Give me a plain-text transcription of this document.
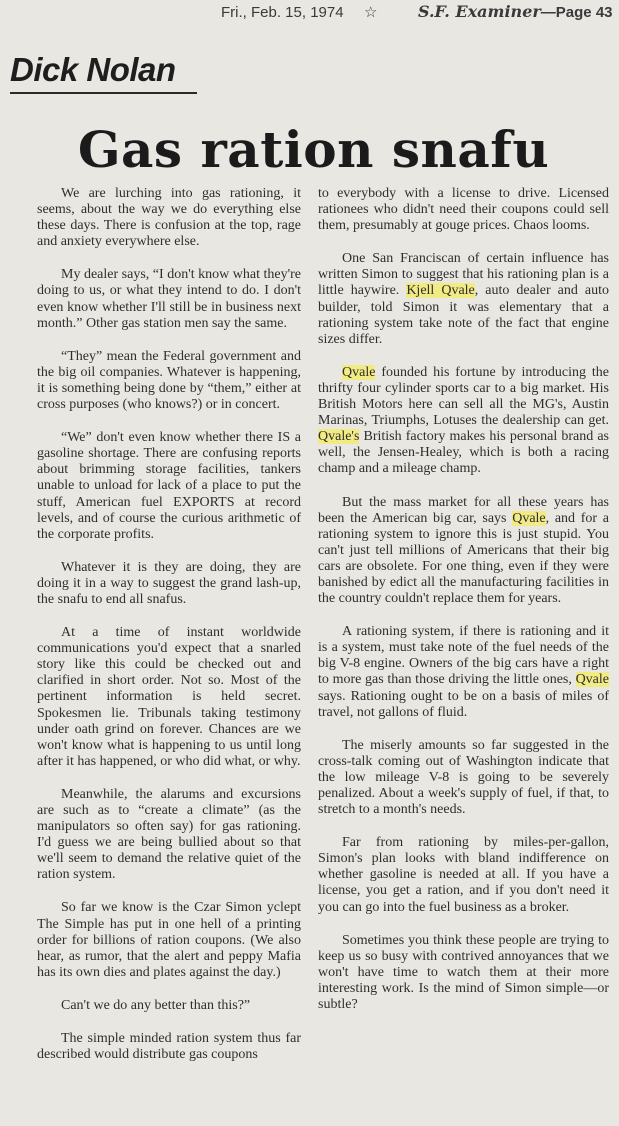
Fri., Feb. 15, 1974 ☆	S.F. Examiner—Page 43
Dick Nolan
Gas ration snafu

We are lurching into gas rationing, it seems, about the way we do everything else these days. There is confusion at the top, rage and anxiety everywhere else.

My dealer says, “I don't know what they're doing to us, or what they intend to do. I don't even know whether I'll still be in business next month.” Other gas station men say the same.

“They” mean the Federal government and the big oil companies. Whatever is happening, it is something being done by “them,” either at cross purposes (who knows?) or in concert.

“We” don't even know whether there IS a gasoline shortage. There are confusing reports about brimming storage facilities, tankers unable to unload for lack of a place to put the stuff, American fuel EXPORTS at record levels, and of course the curious arithmetic of the corporate profits.

Whatever it is they are doing, they are doing it in a way to suggest the grand lash-up, the snafu to end all snafus.

At a time of instant worldwide communications you'd expect that a snarled story like this could be checked out and clarified in short order. Not so. Most of the pertinent information is held secret. Spokesmen lie. Tribunals taking testimony under oath grind on forever. Chances are we won't know what is happening to us until long after it has happened, or who did what, or why.

Meanwhile, the alarums and excursions are such as to “create a climate” (as the manipulators so often say) for gas rationing. I'd guess we are being bullied about so that we'll seem to demand the relative quiet of the ration system.

So far we know is the Czar Simon yclept The Simple has put in one hell of a printing order for billions of ration coupons. (We also hear, as rumor, that the alert and peppy Mafia has its own dies and plates against the day.)

Can't we do any better than this?”

The simple minded ration system thus far described would distribute gas coupons

to everybody with a license to drive. Licensed rationees who didn't need their coupons could sell them, presumably at gouge prices. Chaos looms.

One San Franciscan of certain influence has written Simon to suggest that his rationing plan is a little haywire. Kjell Qvale, auto dealer and auto builder, told Simon it was elementary that a rationing system take note of the fact that engine sizes differ.

Qvale founded his fortune by introducing the thrifty four cylinder sports car to a big market. His British Motors here can sell all the MG's, Austin Marinas, Triumphs, Lotuses the dealership can get. Qvale's British factory makes his personal brand as well, the Jensen-Healey, which is both a racing champ and a mileage champ.

But the mass market for all these years has been the American big car, says Qvale, and for a rationing system to ignore this is just stupid. You can't just tell millions of Americans that their big cars are obsolete. For one thing, even if they were banished by edict all the manufacturing facilities in the country couldn't replace them for years.

A rationing system, if there is rationing and it is a system, must take note of the fuel needs of the big V-8 engine. Owners of the big cars have a right to more gas than those driving the little ones, Qvale says. Rationing ought to be on a basis of miles of travel, not gallons of fluid.

The miserly amounts so far suggested in the cross-talk coming out of Washington indicate that the low mileage V-8 is going to be severely penalized. About a week's supply of fuel, if that, to stretch to a month's needs.

Far from rationing by miles-per-gallon, Simon's plan looks with bland indifference on whether gasoline is needed at all. If you have a license, you get a ration, and if you don't need it you can go into the fuel business as a broker.

Sometimes you think these people are trying to keep us so busy with contrived annoyances that we won't have time to watch them at their more interesting work. Is the mind of Simon simple—or subtle?
